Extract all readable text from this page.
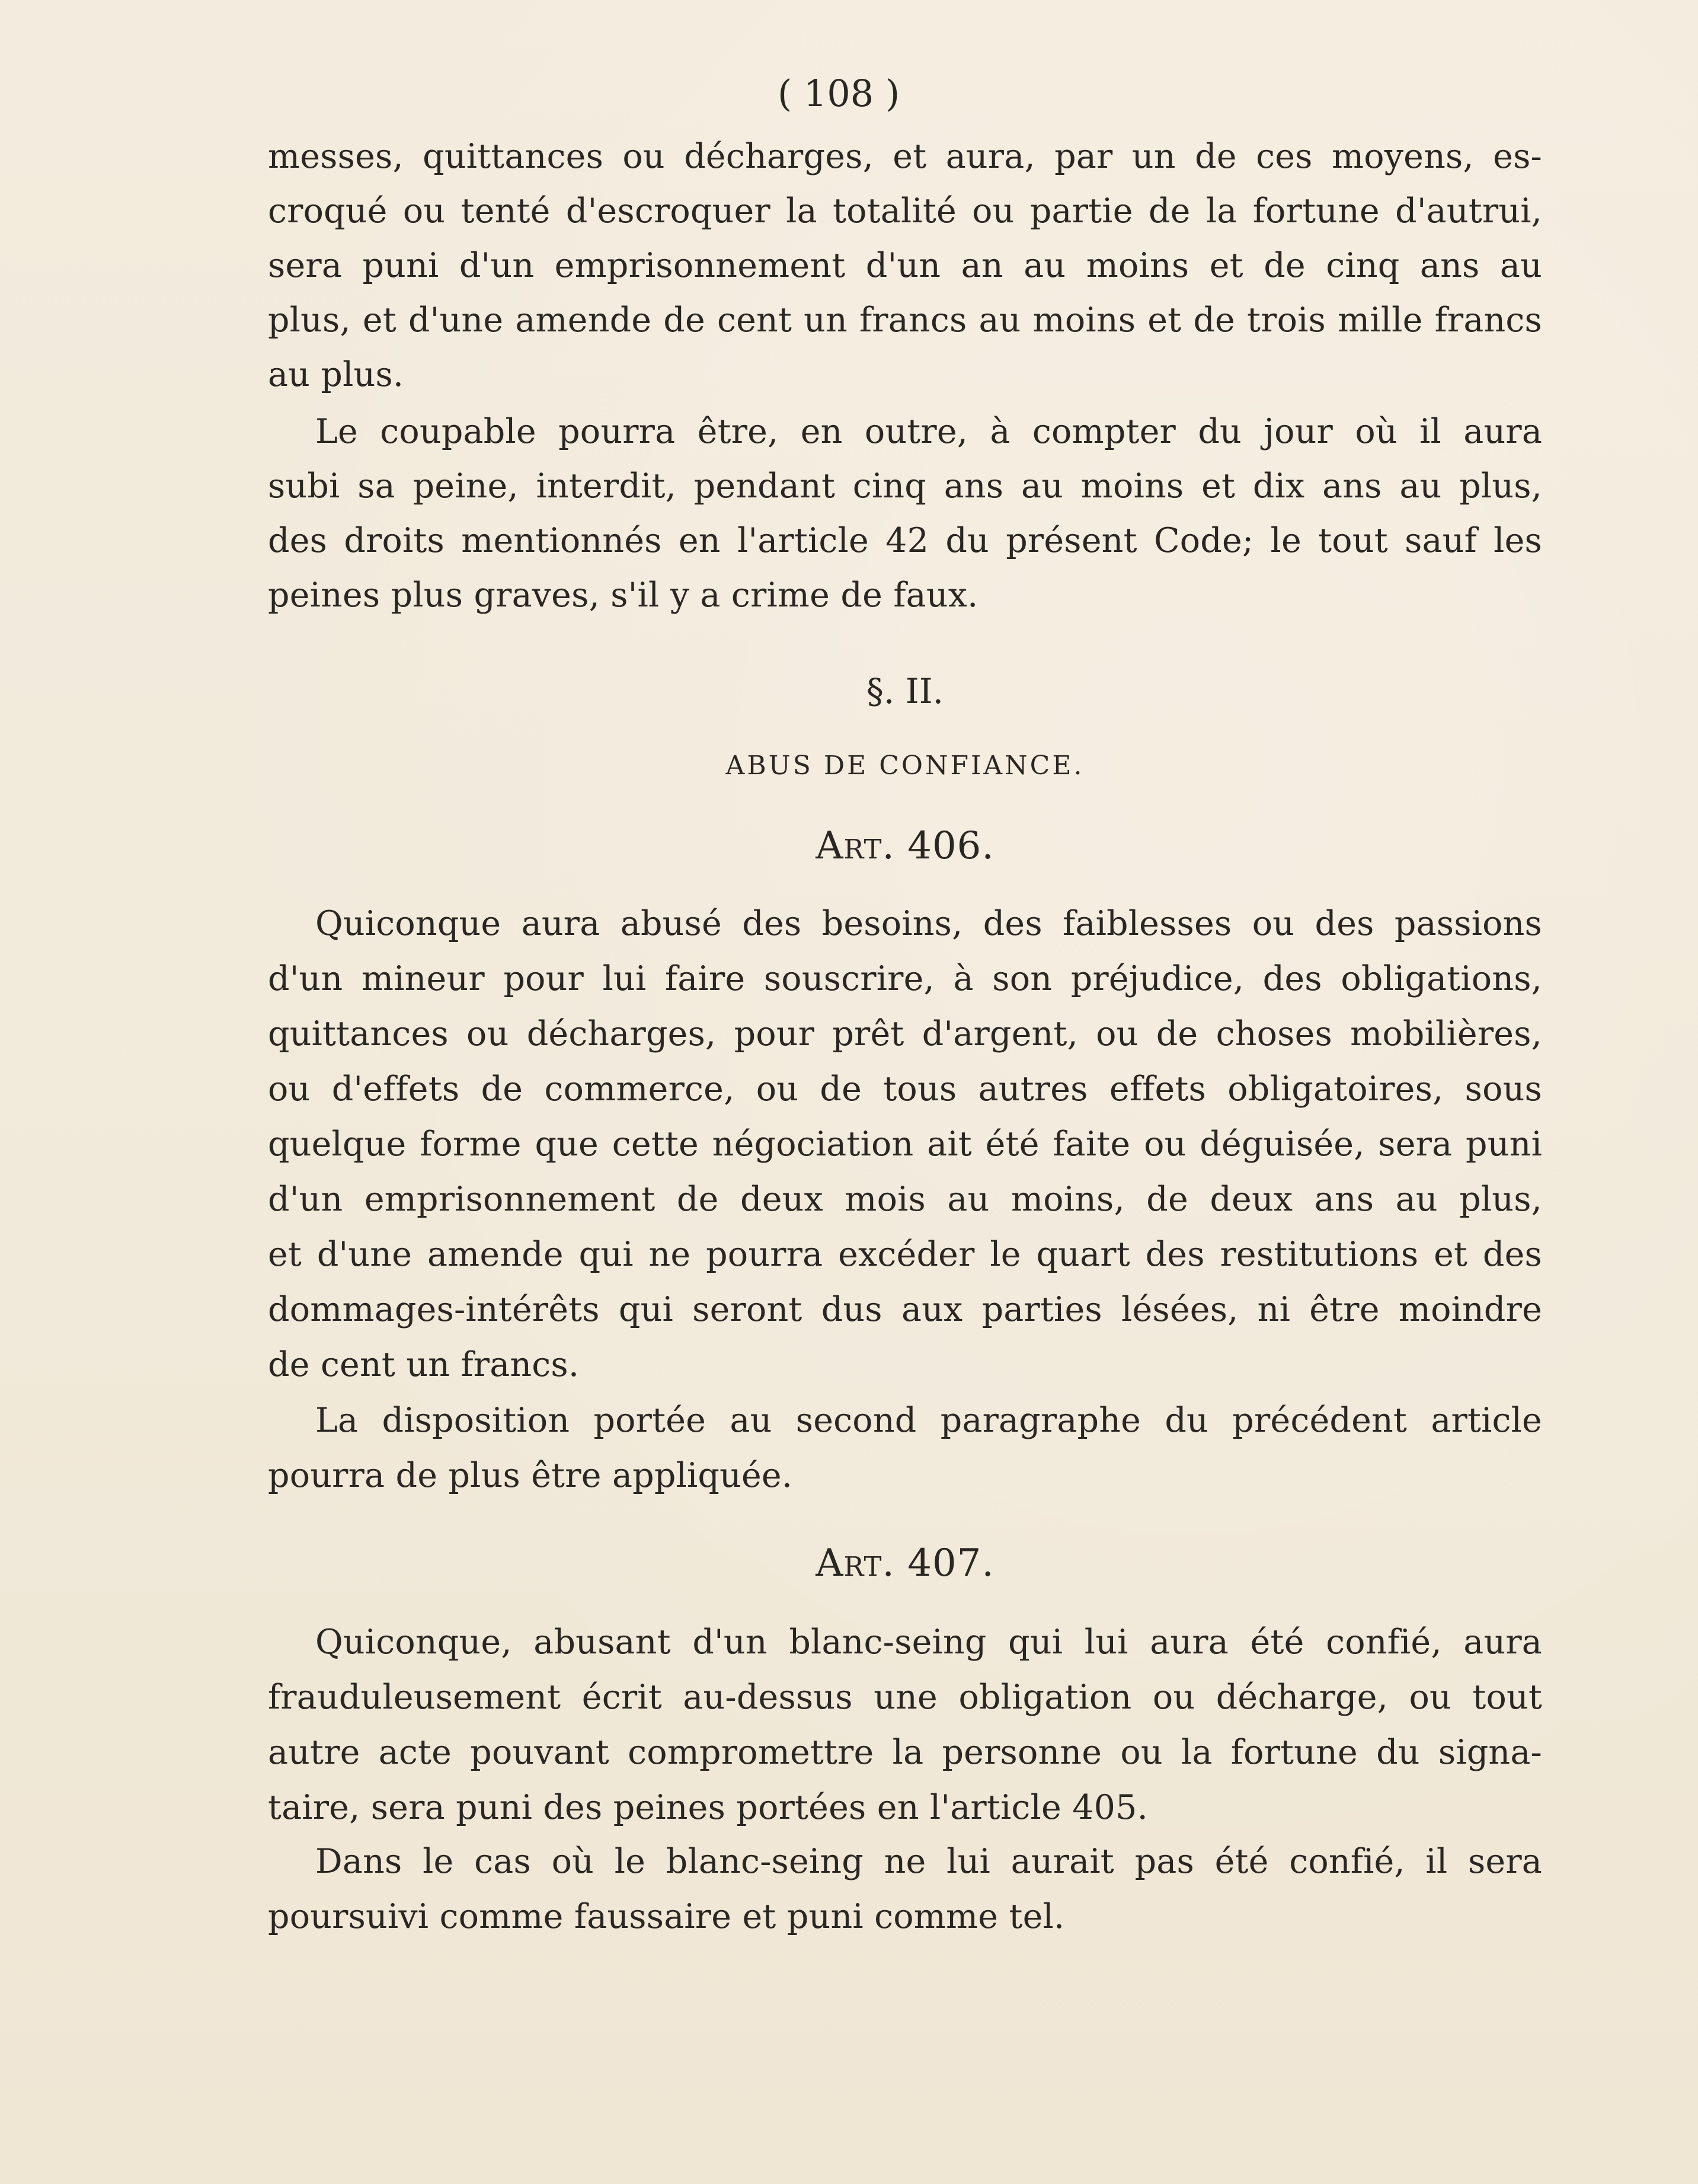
( 108 )
messes, quittances ou décharges, et aura, par un de ces moyens, es-
croqué ou tenté d'escroquer la totalité ou partie de la fortune d'autrui,
sera puni d'un emprisonnement d'un an au moins et de cinq ans au
plus, et d'une amende de cent un francs au moins et de trois mille francs
au plus.
Le coupable pourra être, en outre, à compter du jour où il aura
subi sa peine, interdit, pendant cinq ans au moins et dix ans au plus,
des droits mentionnés en l'article 42 du présent Code; le tout sauf les
peines plus graves, s'il y a crime de faux.
Quiconque aura abusé des besoins, des faiblesses ou des passions
d'un mineur pour lui faire souscrire, à son préjudice, des obligations,
quittances ou décharges, pour prêt d'argent, ou de choses mobilières,
ou d'effets de commerce, ou de tous autres effets obligatoires, sous
quelque forme que cette négociation ait été faite ou déguisée, sera puni
d'un emprisonnement de deux mois au moins, de deux ans au plus,
et d'une amende qui ne pourra excéder le quart des restitutions et des
dommages-intérêts qui seront dus aux parties lésées, ni être moindre
de cent un francs.
La disposition portée au second paragraphe du précédent article
pourra de plus être appliquée.
Quiconque, abusant d'un blanc-seing qui lui aura été confié, aura
frauduleusement écrit au-dessus une obligation ou décharge, ou tout
autre acte pouvant compromettre la personne ou la fortune du signa-
taire, sera puni des peines portées en l'article 405.
Dans le cas où le blanc-seing ne lui aurait pas été confié, il sera
poursuivi comme faussaire et puni comme tel.
§. II.
ABUS DE CONFIANCE.
Art. 406.
Art. 407.
